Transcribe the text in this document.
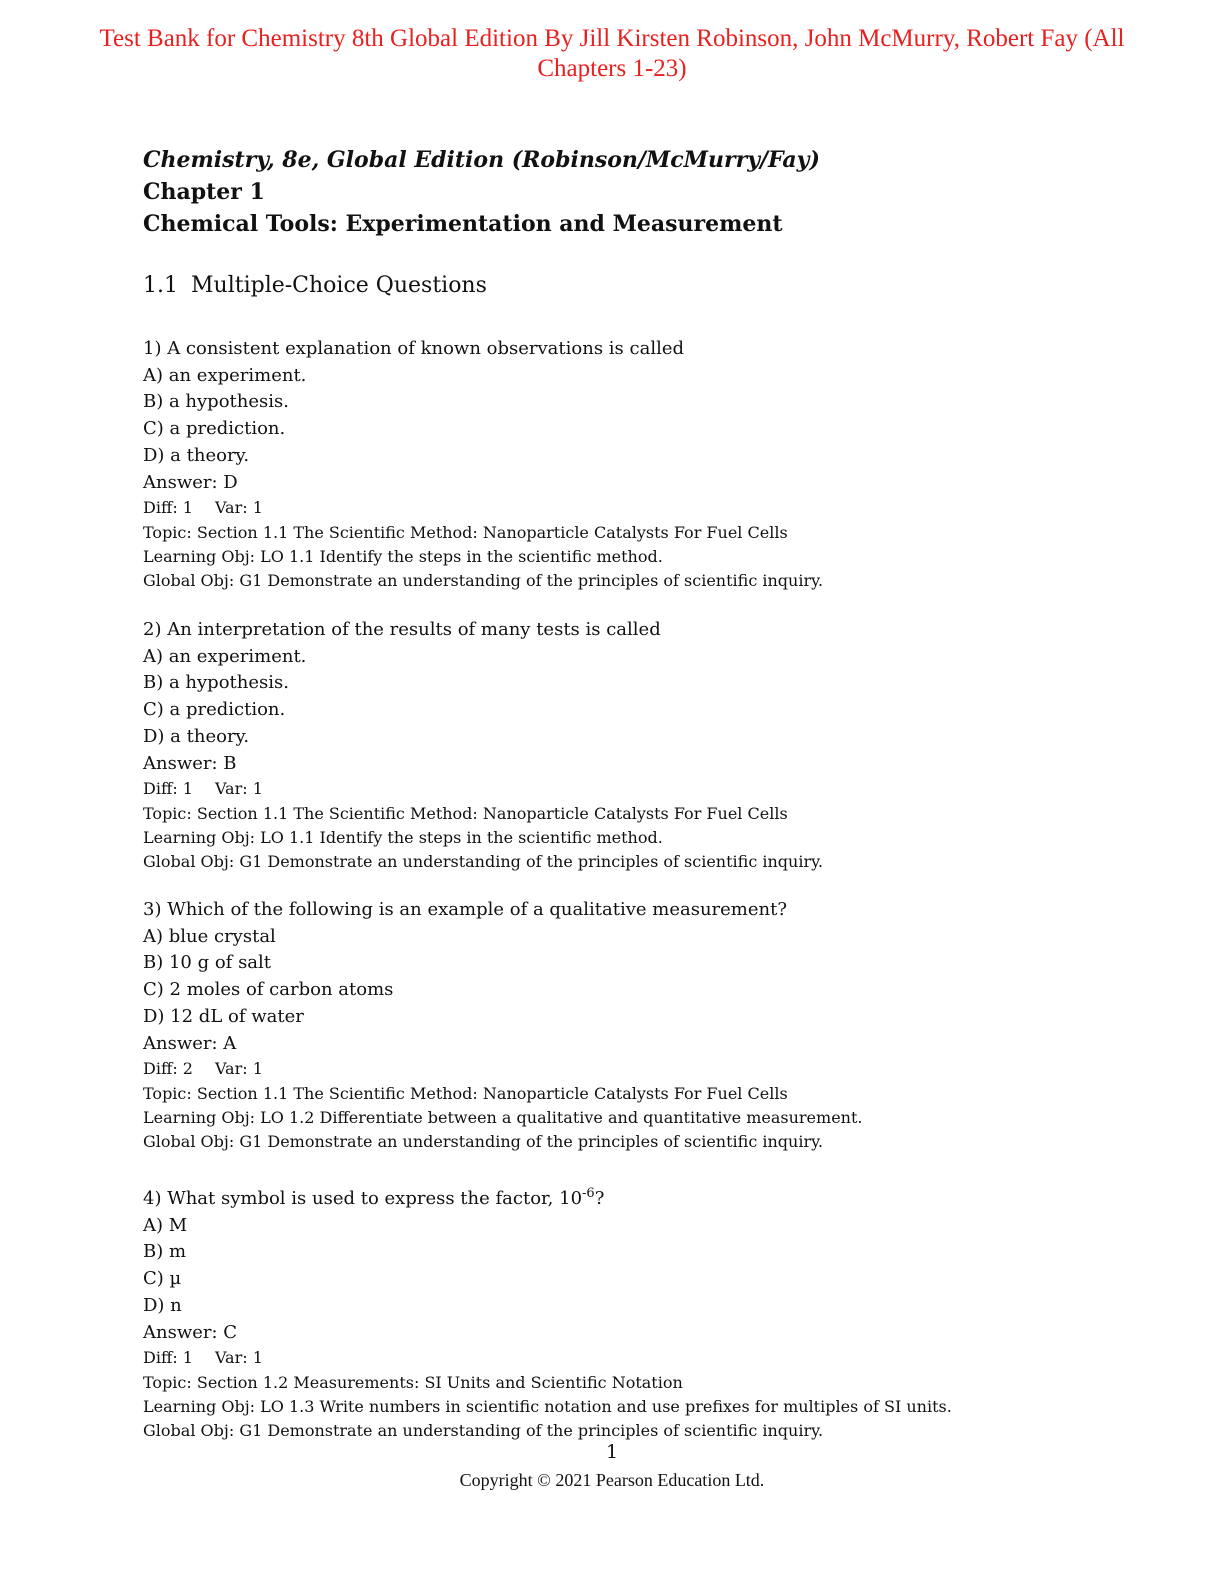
Test Bank for Chemistry 8th Global Edition By Jill Kirsten Robinson, John McMurry, Robert Fay (All
Chapters 1-23)
Chemistry, 8e, Global Edition (Robinson/McMurry/Fay)
Chapter 1
Chemical Tools: Experimentation and Measurement
1.1 Multiple-Choice Questions
1) A consistent explanation of known observations is called
A) an experiment.
B) a hypothesis.
C) a prediction.
D) a theory.
Answer: D
Diff: 1 Var: 1
Topic: Section 1.1 The Scientific Method: Nanoparticle Catalysts For Fuel Cells
Learning Obj: LO 1.1 Identify the steps in the scientific method.
Global Obj: G1 Demonstrate an understanding of the principles of scientific inquiry.
2) An interpretation of the results of many tests is called
A) an experiment.
B) a hypothesis.
C) a prediction.
D) a theory.
Answer: B
Diff: 1 Var: 1
Topic: Section 1.1 The Scientific Method: Nanoparticle Catalysts For Fuel Cells
Learning Obj: LO 1.1 Identify the steps in the scientific method.
Global Obj: G1 Demonstrate an understanding of the principles of scientific inquiry.
3) Which of the following is an example of a qualitative measurement?
A) blue crystal
B) 10 g of salt
C) 2 moles of carbon atoms
D) 12 dL of water
Answer: A
Diff: 2 Var: 1
Topic: Section 1.1 The Scientific Method: Nanoparticle Catalysts For Fuel Cells
Learning Obj: LO 1.2 Differentiate between a qualitative and quantitative measurement.
Global Obj: G1 Demonstrate an understanding of the principles of scientific inquiry.
4) What symbol is used to express the factor, $10^{-6}$?
A) M
B) m
C) µ
D) n
Answer: C
Diff: 1 Var: 1
Topic: Section 1.2 Measurements: SI Units and Scientific Notation
Learning Obj: LO 1.3 Write numbers in scientific notation and use prefixes for multiples of SI units.
Global Obj: G1 Demonstrate an understanding of the principles of scientific inquiry.
1
Copyright © 2021 Pearson Education Ltd.
